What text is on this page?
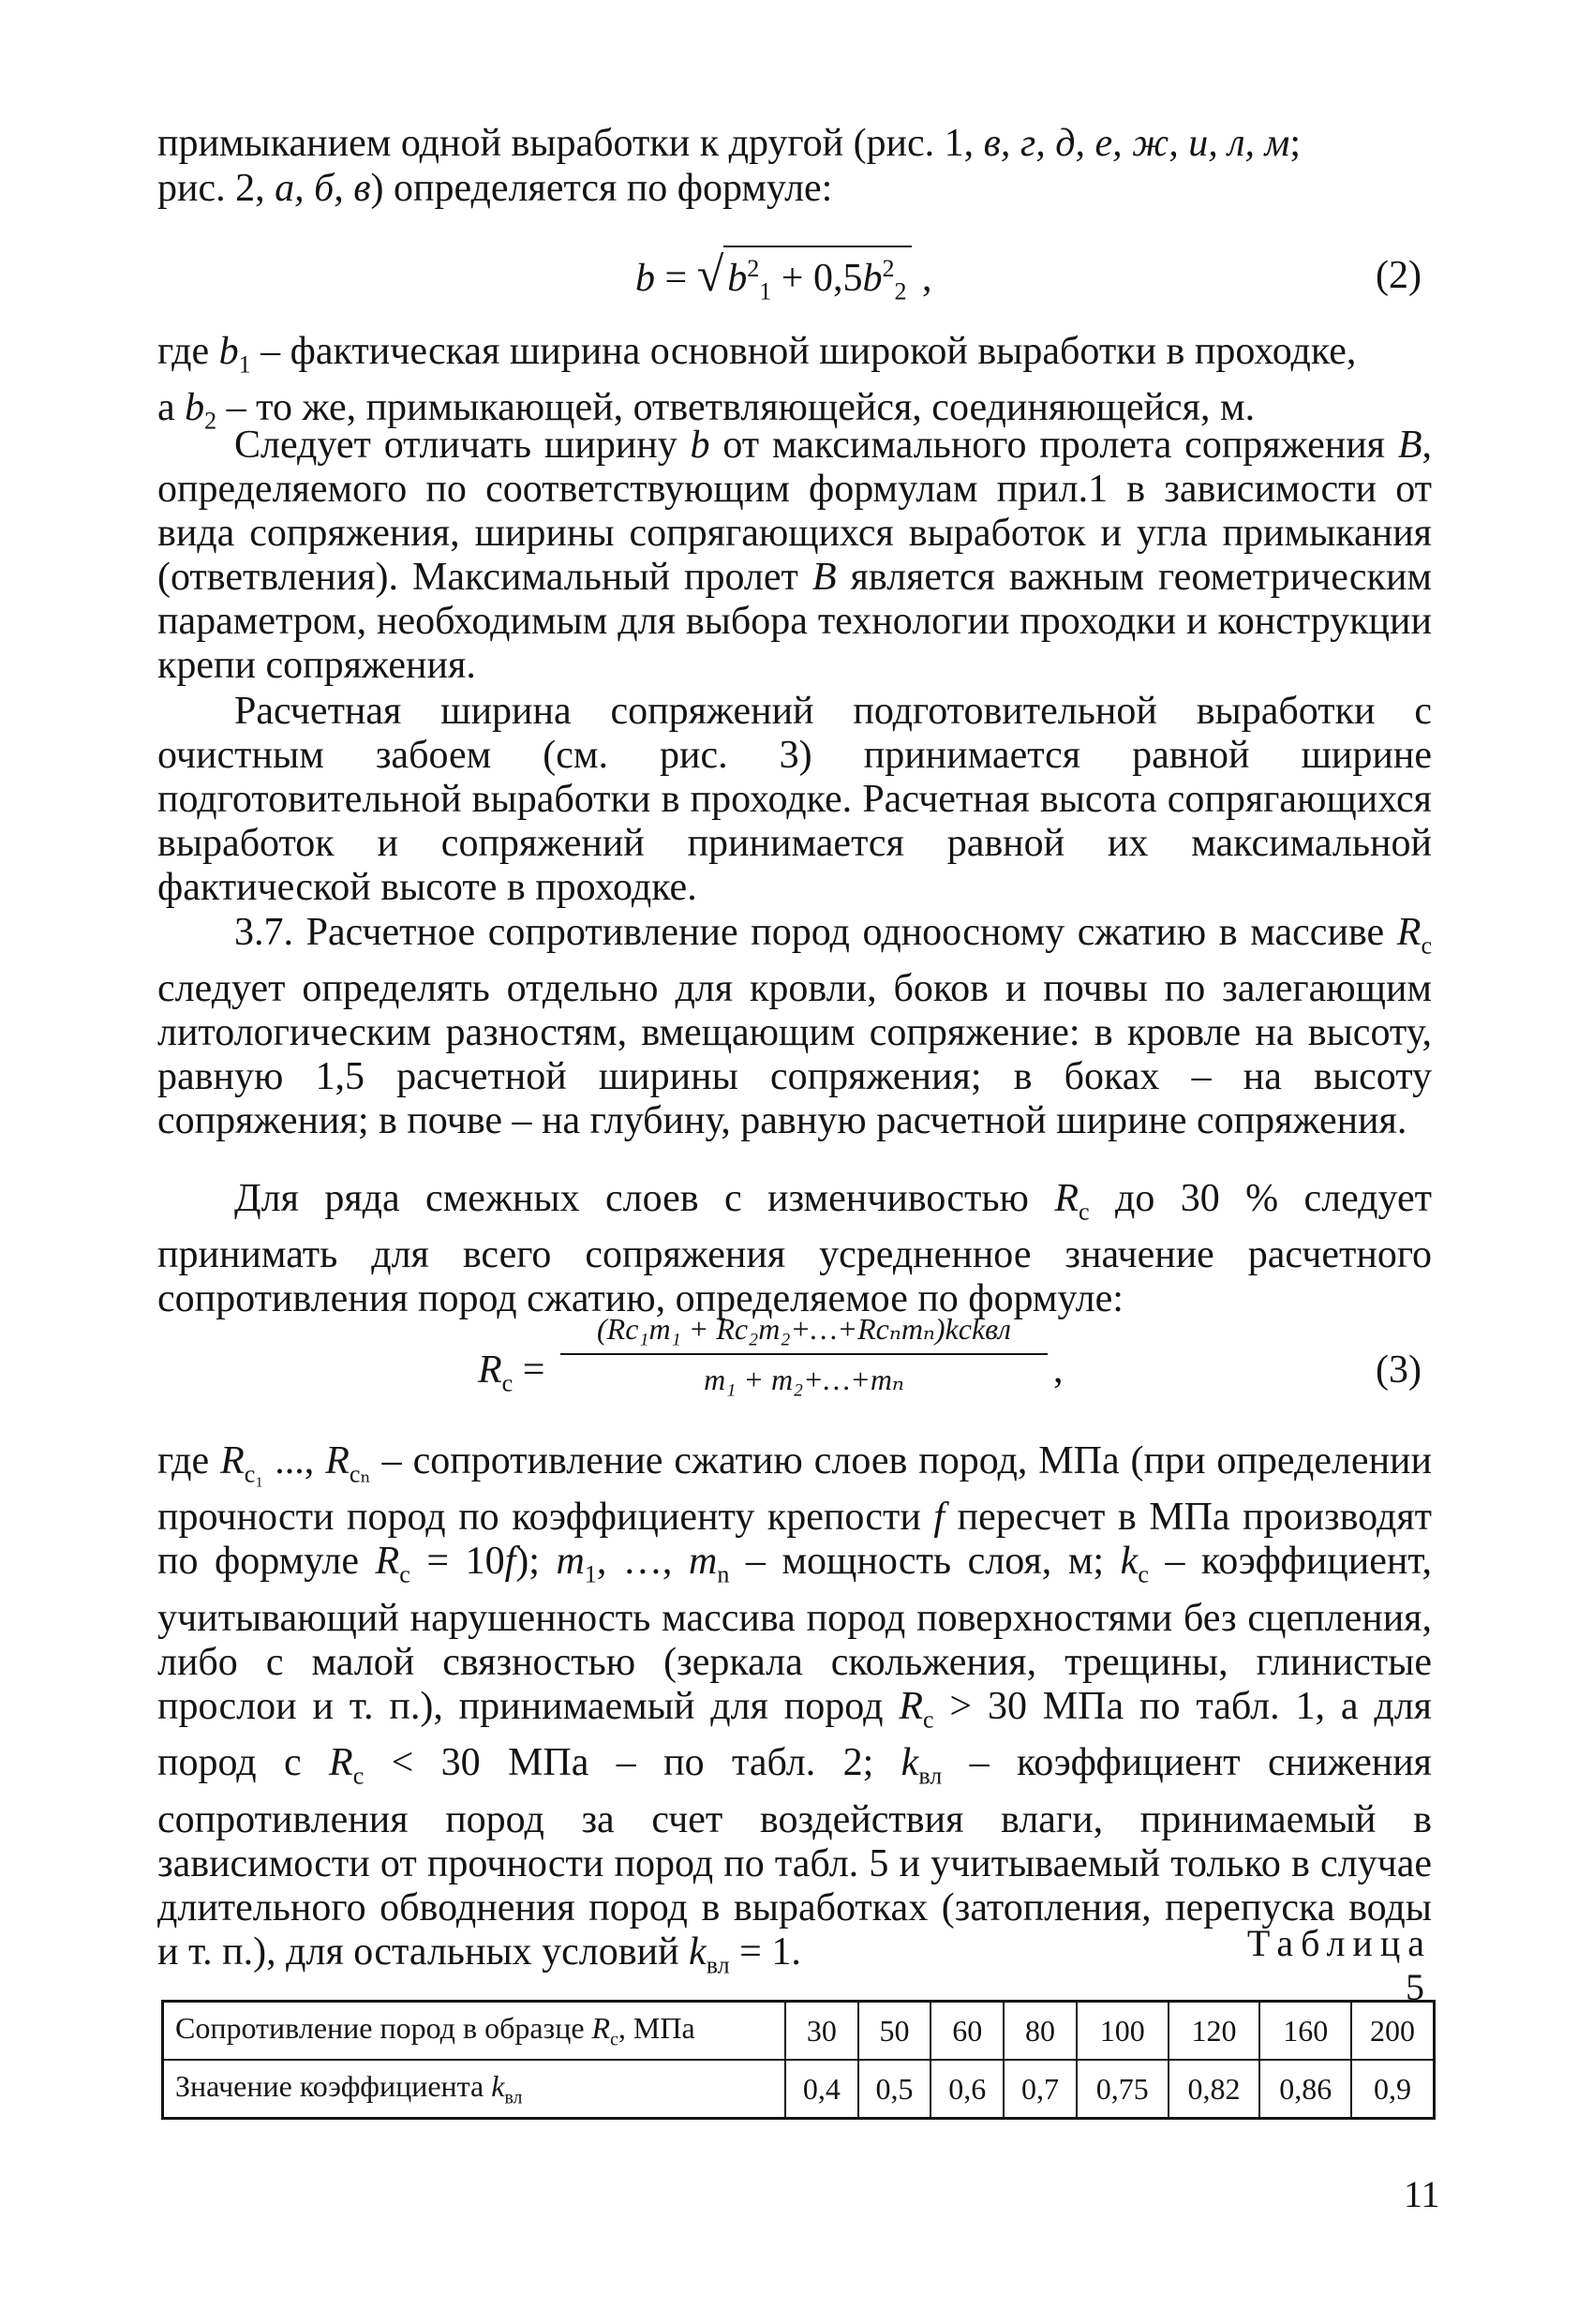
примыканием одной выработки к другой (рис. 1, в, г, д, е, ж, и, л, м;
рис. 2, а, б, в) определяется по формуле:
$b = √b^2_1 + 0,5b^2_2$ ,	(2)
где $b_1$ – фактическая ширина основной широкой выработки в проходке,
а $b_2$ – то же, примыкающей, ответвляющейся, соединяющейся, м.
Следует отличать ширину b от максимального пролета сопряжения B, определяемого по соответствующим формулам прил.1 в зависимости от вида сопряжения, ширины сопрягающихся выработок и угла примыкания (ответвления). Максимальный пролет B является важным геометрическим параметром, необходимым для выбора технологии проходки и конструкции крепи сопряжения.
Расчетная ширина сопряжений подготовительной выработки с очистным забоем (см. рис. 3) принимается равной ширине подготовительной выработки в проходке. Расчетная высота сопрягающихся выработок и сопряжений принимается равной их максимальной фактической высоте в проходке.
3.7. Расчетное сопротивление пород одноосному сжатию в массиве $R_c$ следует определять отдельно для кровли, боков и почвы по залегающим литологическим разностям, вмещающим сопряжение: в кровле на высоту, равную 1,5 расчетной ширины сопряжения; в боках – на высоту сопряжения; в почве – на глубину, равную расчетной ширине сопряжения.
Для ряда смежных слоев с изменчивостью $R_c$ до 30 % следует принимать для всего сопряжения усредненное значение расчетного сопротивления пород сжатию, определяемое по формуле:
$R_c$ =
(Rc₁m₁ + Rc₂m₂+…+Rcₙmₙ)kckвл
m₁ + m₂+…+mₙ	,	(3)
где $R_{c_1}$ ..., $R_{c_n}$ – сопротивление сжатию слоев пород, МПа (при определении прочности пород по коэффициенту крепости f пересчет в МПа производят по формуле $R_c = 10f$); $m_1$, …, $m_n$ – мощность слоя, м; $k_c$ – коэффициент, учитывающий нарушенность массива пород поверхностями без сцепления, либо с малой связностью (зеркала скольжения, трещины, глинистые прослои и т. п.), принимаемый для пород $R_c > 30$ МПа по табл. 1, а для пород с $R_c < 30$ МПа – по табл. 2; $k_{вл}$ – коэффициент снижения сопротивления пород за счет воздействия влаги, принимаемый в зависимости от прочности пород по табл. 5 и учитываемый только в случае длительного обводнения пород в выработках (затопления, перепуска воды и т. п.), для остальных условий $k_{вл} = 1$.	Таблица 5
Сопротивление пород в образце $R_c$, МПа	30	50	60	80	100	120	160	200
Значение коэффициента $k_{вл}$	0,4	0,5	0,6	0,7	0,75	0,82	0,86	0,9
11
